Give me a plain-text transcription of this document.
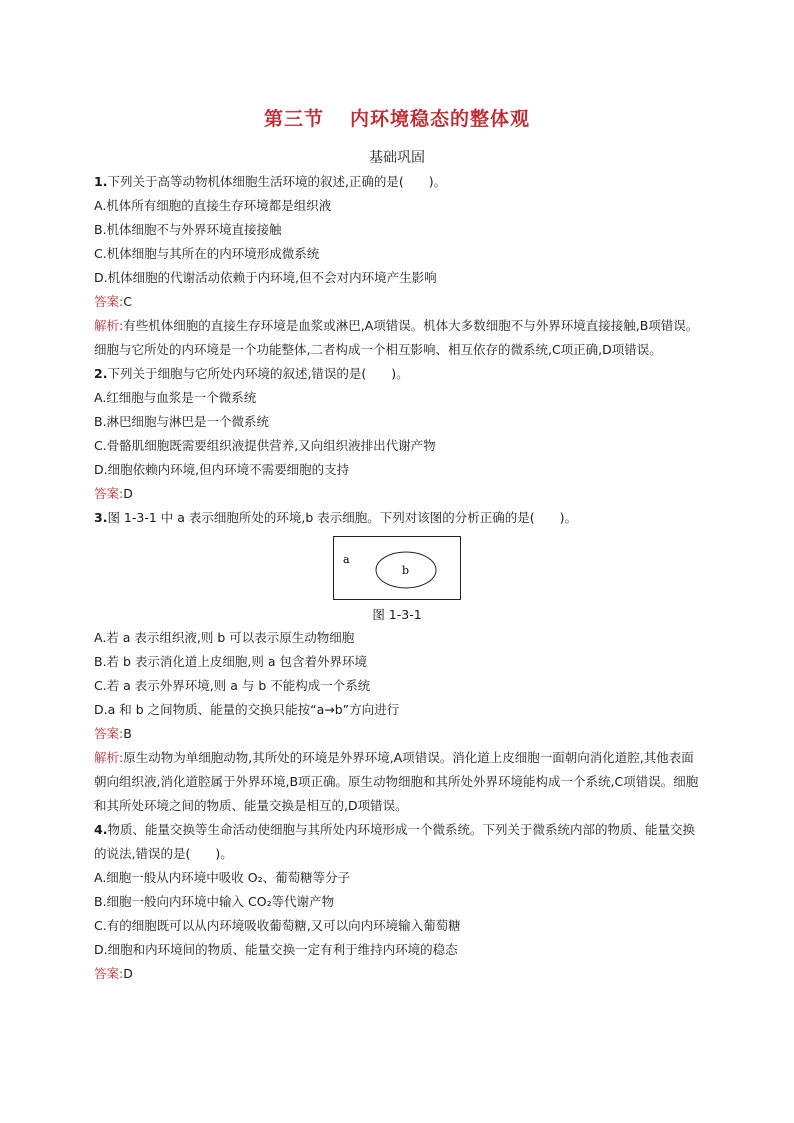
第三节 内环境稳态的整体观
基础巩固
1.下列关于高等动物机体细胞生活环境的叙述,正确的是(　　)。
A.机体所有细胞的直接生存环境都是组织液
B.机体细胞不与外界环境直接接触
C.机体细胞与其所在的内环境形成微系统
D.机体细胞的代谢活动依赖于内环境,但不会对内环境产生影响
答案:C
解析:有些机体细胞的直接生存环境是血浆或淋巴,A项错误。机体大多数细胞不与外界环境直接接触,B项错误。细胞与它所处的内环境是一个功能整体,二者构成一个相互影响、相互依存的微系统,C项正确,D项错误。
2.下列关于细胞与它所处内环境的叙述,错误的是(　　)。
A.红细胞与血浆是一个微系统
B.淋巴细胞与淋巴是一个微系统
C.骨骼肌细胞既需要组织液提供营养,又向组织液排出代谢产物
D.细胞依赖内环境,但内环境不需要细胞的支持
答案:D
3.图 1-3-1 中 a 表示细胞所处的环境,b 表示细胞。下列对该图的分析正确的是(　　)。
a
b
图 1-3-1
A.若 a 表示组织液,则 b 可以表示原生动物细胞
B.若 b 表示消化道上皮细胞,则 a 包含着外界环境
C.若 a 表示外界环境,则 a 与 b 不能构成一个系统
D.a 和 b 之间物质、能量的交换只能按“a→b”方向进行
答案:B
解析:原生动物为单细胞动物,其所处的环境是外界环境,A项错误。消化道上皮细胞一面朝向消化道腔,其他表面朝向组织液,消化道腔属于外界环境,B项正确。原生动物细胞和其所处外界环境能构成一个系统,C项错误。细胞和其所处环境之间的物质、能量交换是相互的,D项错误。
4.物质、能量交换等生命活动使细胞与其所处内环境形成一个微系统。下列关于微系统内部的物质、能量交换的说法,错误的是(　　)。
A.细胞一般从内环境中吸收 O₂、葡萄糖等分子
B.细胞一般向内环境中输入 CO₂等代谢产物
C.有的细胞既可以从内环境吸收葡萄糖,又可以向内环境输入葡萄糖
D.细胞和内环境间的物质、能量交换一定有利于维持内环境的稳态
答案:D
